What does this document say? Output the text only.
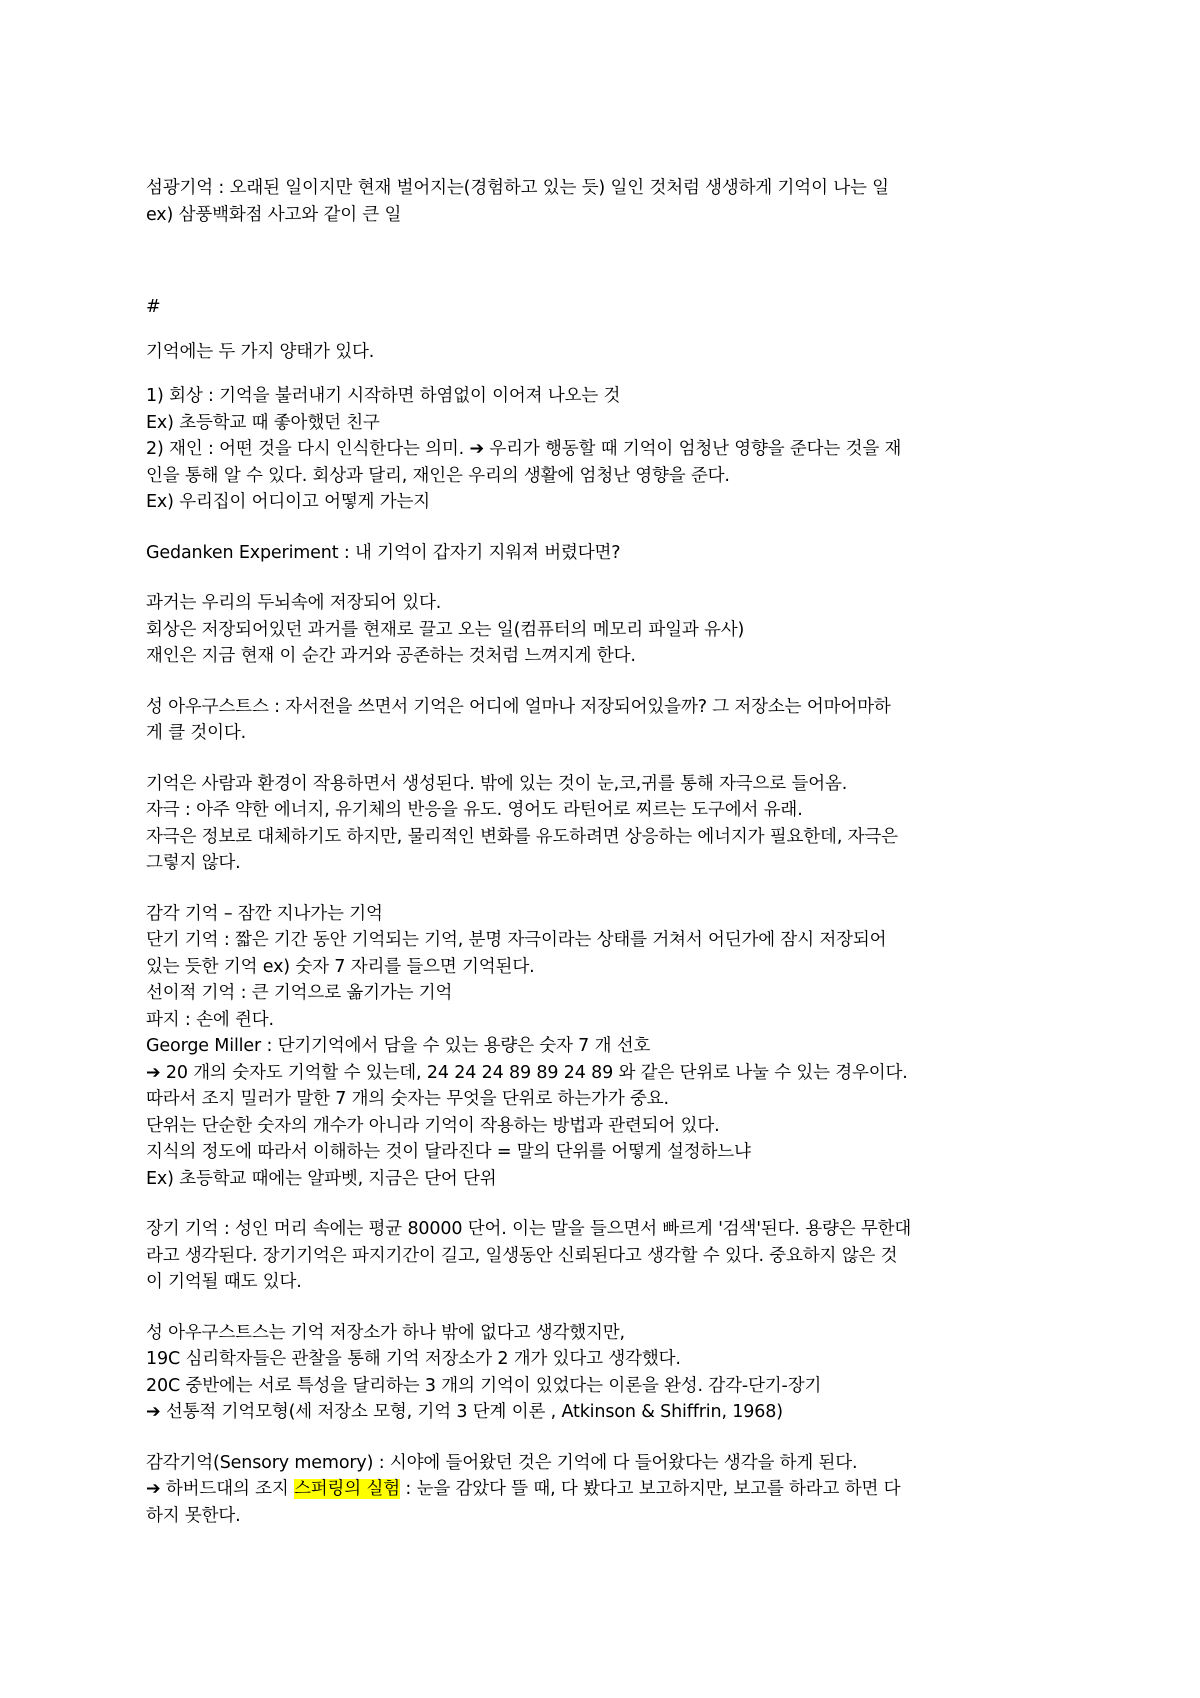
섬광기억 : 오래된 일이지만 현재 벌어지는(경험하고 있는 듯) 일인 것처럼 생생하게 기억이 나는 일
ex) 삼풍백화점 사고와 같이 큰 일
#
기억에는 두 가지 양태가 있다.
1) 회상 : 기억을 불러내기 시작하면 하염없이 이어져 나오는 것
Ex) 초등학교 때 좋아했던 친구
2) 재인 : 어떤 것을 다시 인식한다는 의미. ➔ 우리가 행동할 때 기억이 엄청난 영향을 준다는 것을 재
인을 통해 알 수 있다. 회상과 달리, 재인은 우리의 생활에 엄청난 영향을 준다.
Ex) 우리집이 어디이고 어떻게 가는지
Gedanken Experiment : 내 기억이 갑자기 지워져 버렸다면?
과거는 우리의 두뇌속에 저장되어 있다.
회상은 저장되어있던 과거를 현재로 끌고 오는 일(컴퓨터의 메모리 파일과 유사)
재인은 지금 현재 이 순간 과거와 공존하는 것처럼 느껴지게 한다.
성 아우구스트스 : 자서전을 쓰면서 기억은 어디에 얼마나 저장되어있을까? 그 저장소는 어마어마하
게 클 것이다.
기억은 사람과 환경이 작용하면서 생성된다. 밖에 있는 것이 눈,코,귀를 통해 자극으로 들어옴.
자극 : 아주 약한 에너지, 유기체의 반응을 유도. 영어도 라틴어로 찌르는 도구에서 유래.
자극은 정보로 대체하기도 하지만, 물리적인 변화를 유도하려면 상응하는 에너지가 필요한데, 자극은
그렇지 않다.
감각 기억 – 잠깐 지나가는 기억
단기 기억 : 짧은 기간 동안 기억되는 기억, 분명 자극이라는 상태를 거쳐서 어딘가에 잠시 저장되어
있는 듯한 기억 ex) 숫자 7 자리를 들으면 기억된다.
선이적 기억 : 큰 기억으로 옮기가는 기억
파지 : 손에 쥔다.
George Miller : 단기기억에서 담을 수 있는 용량은 숫자 7 개 선호
➔ 20 개의 숫자도 기억할 수 있는데, 24 24 24 89 89 24 89 와 같은 단위로 나눌 수 있는 경우이다.
따라서 조지 밀러가 말한 7 개의 숫자는 무엇을 단위로 하는가가 중요.
단위는 단순한 숫자의 개수가 아니라 기억이 작용하는 방법과 관련되어 있다.
지식의 정도에 따라서 이해하는 것이 달라진다 = 말의 단위를 어떻게 설정하느냐
Ex) 초등학교 때에는 알파벳, 지금은 단어 단위
장기 기억 : 성인 머리 속에는 평균 80000 단어. 이는 말을 들으면서 빠르게 '검색'된다. 용량은 무한대
라고 생각된다. 장기기억은 파지기간이 길고, 일생동안 신뢰된다고 생각할 수 있다. 중요하지 않은 것
이 기억될 때도 있다.
성 아우구스트스는 기억 저장소가 하나 밖에 없다고 생각했지만,
19C 심리학자들은 관찰을 통해 기억 저장소가 2 개가 있다고 생각했다.
20C 중반에는 서로 특성을 달리하는 3 개의 기억이 있었다는 이론을 완성. 감각-단기-장기
➔ 선통적 기억모형(세 저장소 모형, 기억 3 단계 이론 , Atkinson & Shiffrin, 1968)
감각기억(Sensory memory) : 시야에 들어왔던 것은 기억에 다 들어왔다는 생각을 하게 된다.
➔ 하버드대의 조지 스퍼링의 실험 : 눈을 감았다 뜰 때, 다 봤다고 보고하지만, 보고를 하라고 하면 다
하지 못한다.
